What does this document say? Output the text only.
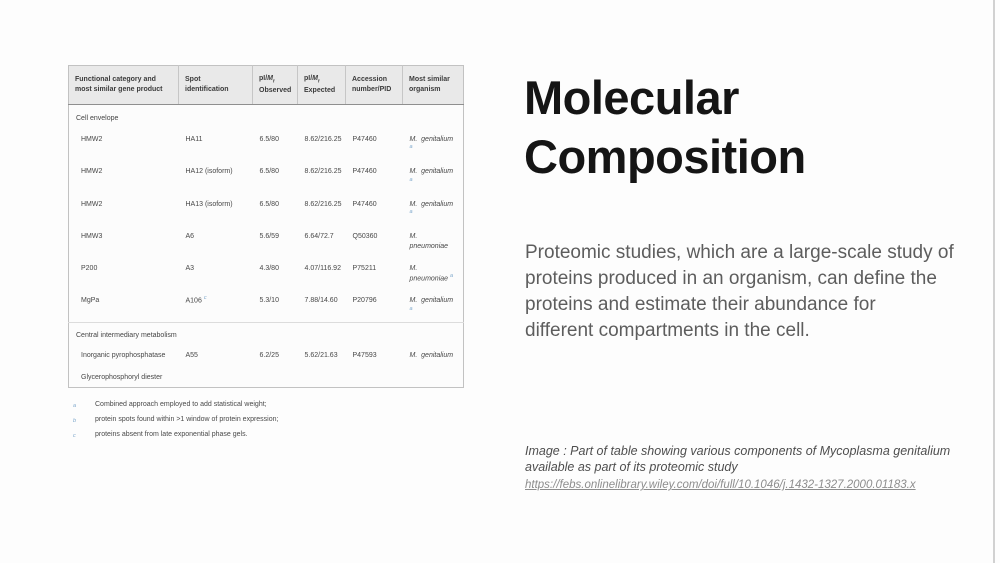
Functional category and most similar gene product	Spot identification	$pI/M_r$ Observed	$pI/M_r$ Expected	Accession number/PID	Most similar organism
Cell envelope					
HMW2	HA11	6.5/80	8.62/216.25	P47460	M.  genitalium
$^a$

HMW2	HA12 (isoform)	6.5/80	8.62/216.25	P47460	M.  genitalium
$^a$

HMW2	HA13 (isoform)	6.5/80	8.62/216.25	P47460	M.  genitalium
$^a$

HMW3	A6	5.6/59	6.64/72.7	Q50360	M.
pneumoniae

P200	A3	4.3/80	4.07/116.92	P75211	M.
pneumoniae $^a$

MgPa	A106 $^c$	5.3/10	7.88/14.60	P20796	M.  genitalium
$^a$

Central intermediary metabolism					
Inorganic pyrophosphatase	A55	6.2/25	5.62/21.63	P47593	M.  genitalium

Glycerophosphoryl diester					
a	Combined approach employed to add statistical weight;
b	protein spots found within >1 window of protein expression;
c	proteins absent from late exponential phase gels.
Molecular
Composition

Proteomic studies, which are a large-scale study of
proteins produced in an organism, can define the
proteins and estimate their abundance for
different compartments in the cell.

Image : Part of table showing various components of Mycoplasma genitalium
available as part of its proteomic study
https://febs.onlinelibrary.wiley.com/doi/full/10.1046/j.1432-1327.2000.01183.x
